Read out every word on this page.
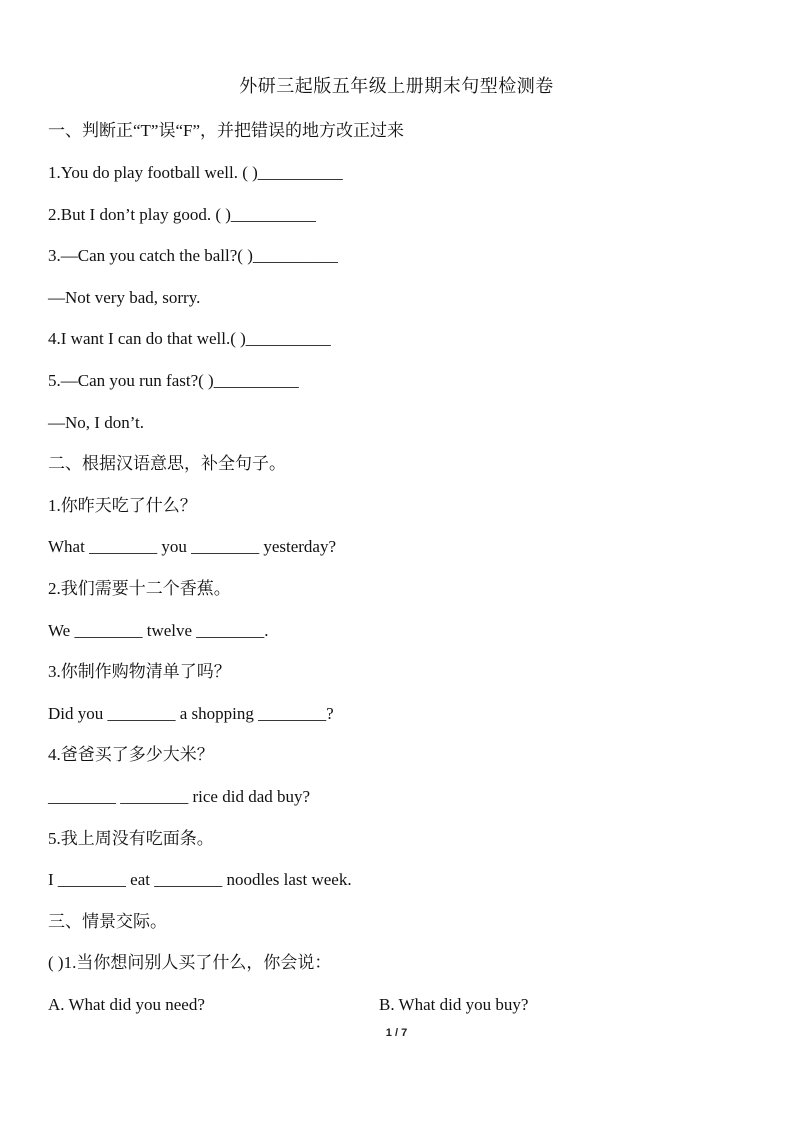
外研三起版五年级上册期末句型检测卷
一、判断正“T”误“F”，并把错误的地方改正过来
1.You do play football well. ( )__________
2.But I don’t play good. ( )__________
3.—Can you catch the ball?( )__________
—Not very bad, sorry.
4.I want I can do that well.( )__________
5.—Can you run fast?( )__________
—No, I don’t.
二、根据汉语意思，补全句子。
1.你昨天吃了什么？
What ________ you ________ yesterday?
2.我们需要十二个香蕉。
We ________ twelve ________.
3.你制作购物清单了吗？
Did you ________ a shopping ________?
4.爸爸买了多少大米？
________ ________ rice did dad buy?
5.我上周没有吃面条。
I ________ eat ________ noodles last week.
三、情景交际。
( )1.当你想问别人买了什么，你会说：
A. What did you need?	B. What did you buy?
1 / 7
